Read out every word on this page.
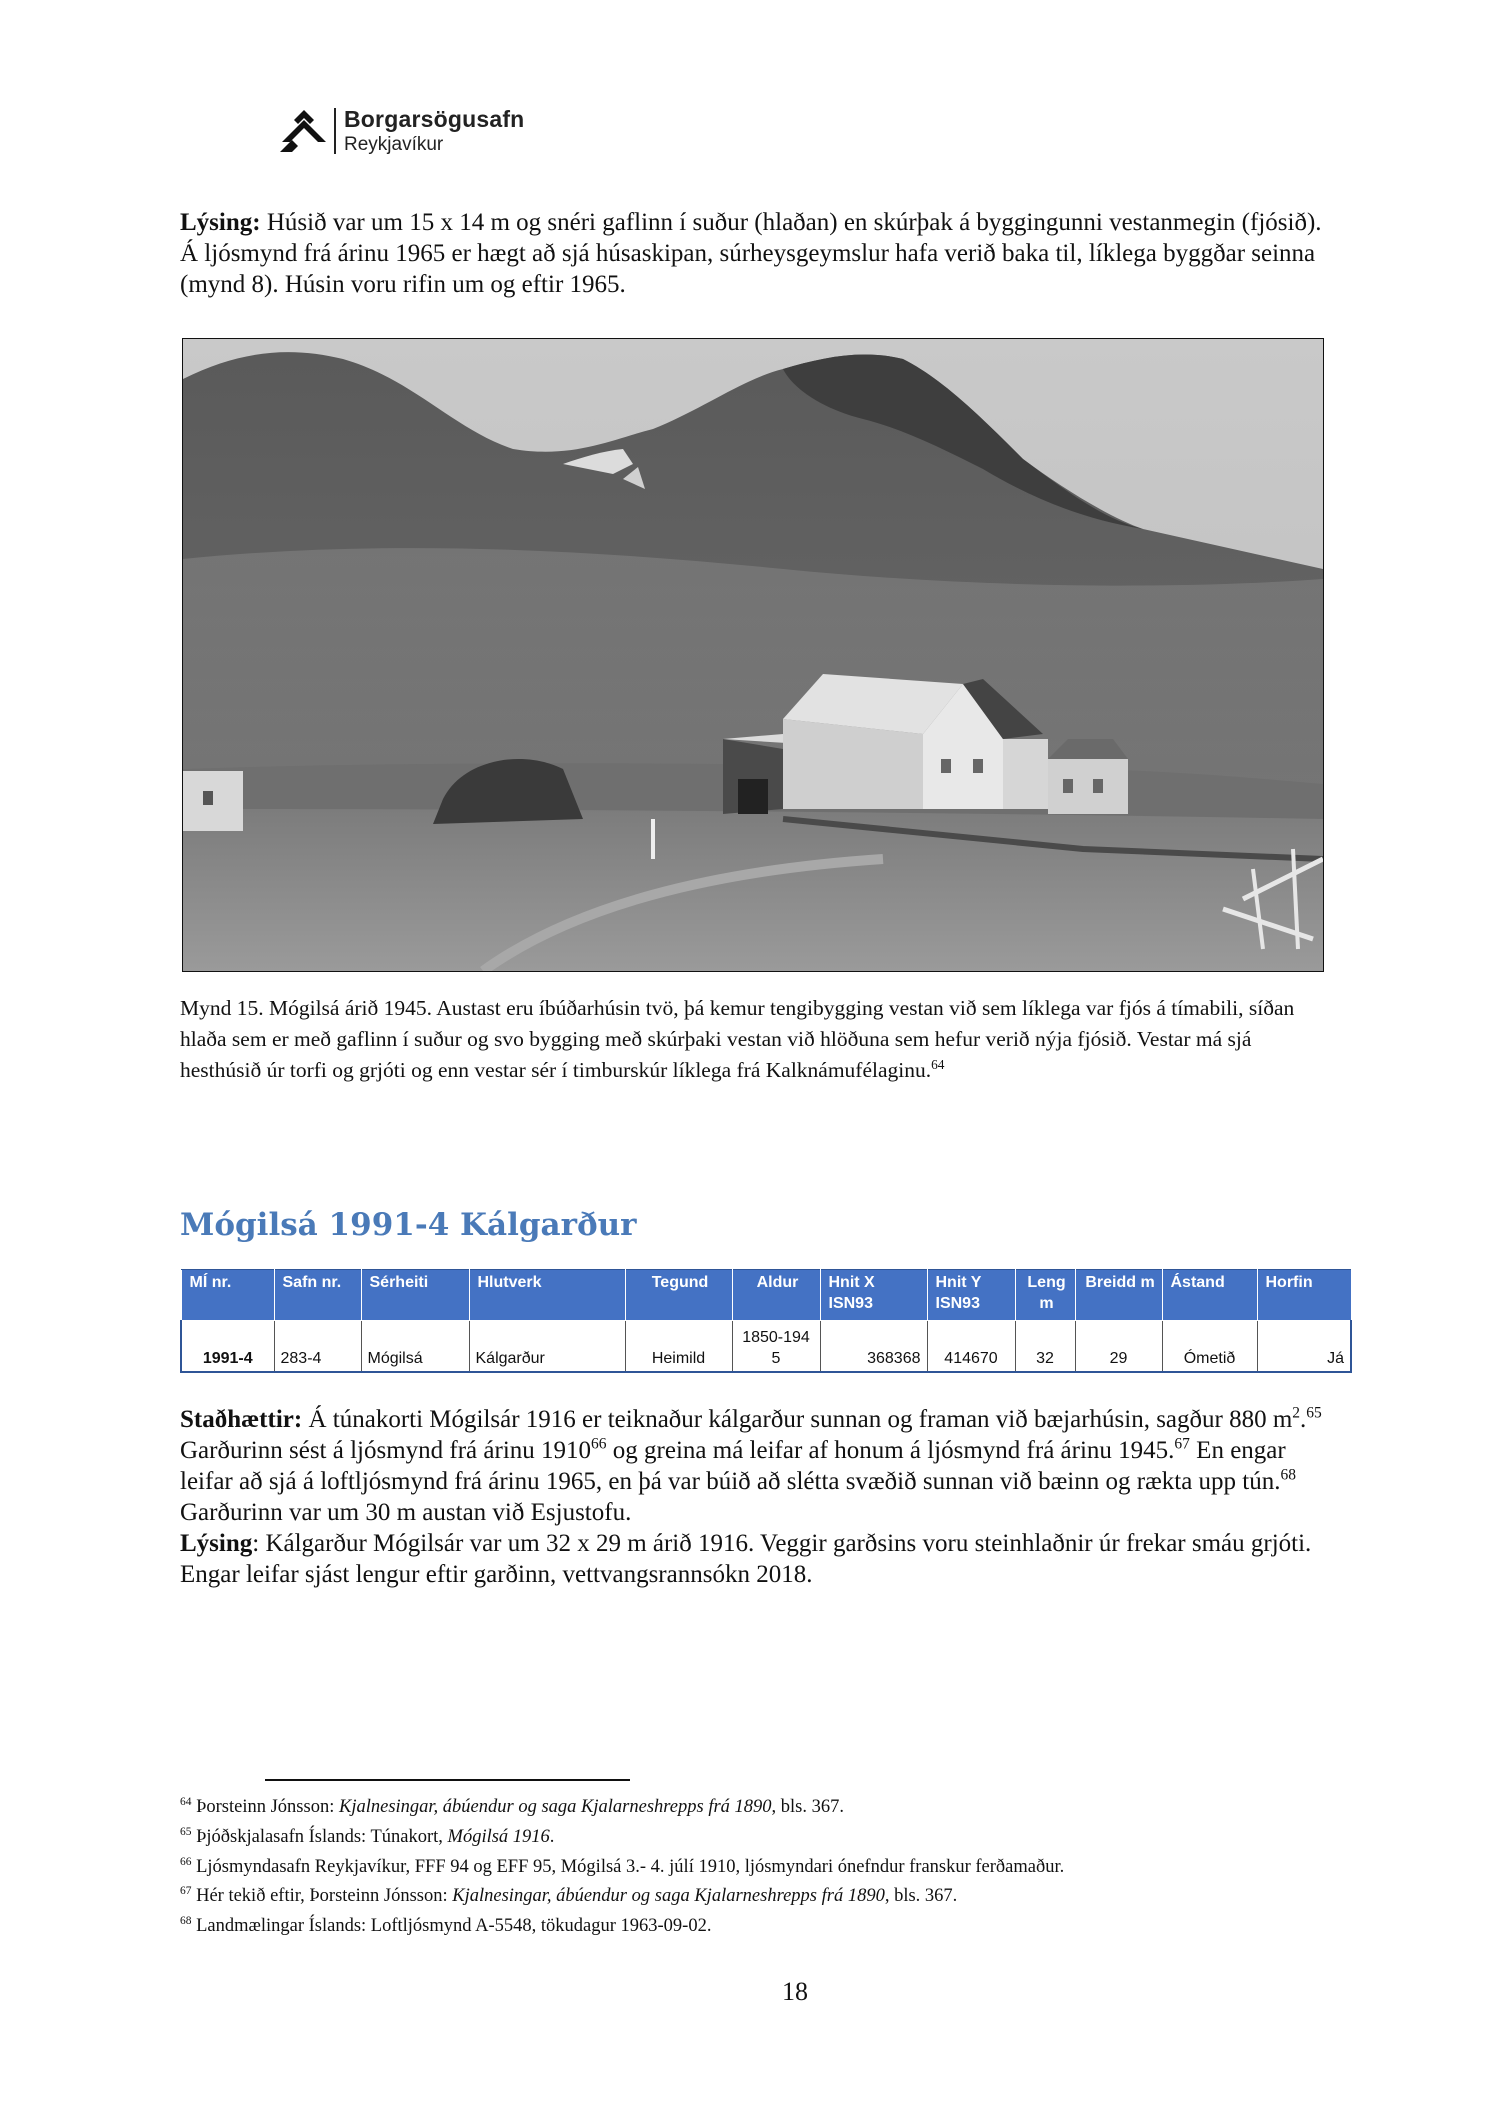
Borgarsögusafn
Reykjavíkur

Lýsing: Húsið var um 15 x 14 m og snéri gaflinn í suður (hlaðan) en skúrþak á byggingunni vestanmegin (fjósið). Á ljósmynd frá árinu 1965 er hægt að sjá húsaskipan, súrheysgeymslur hafa verið baka til, líklega byggðar seinna (mynd 8). Húsin voru rifin um og eftir 1965.

Mynd 15. Mógilsá árið 1945. Austast eru íbúðarhúsin tvö, þá kemur tengibygging vestan við sem líklega var fjós á tímabili, síðan hlaða sem er með gaflinn í suður og svo bygging með skúrþaki vestan við hlöðuna sem hefur verið nýja fjósið. Vestar má sjá hesthúsið úr torfi og grjóti og enn vestar sér í timburskúr líklega frá Kalknámufélaginu.$^{64}$

Mógilsá 1991-4 Kálgarður
MÍ nr.	Safn nr.	Sérheiti	Hlutverk	Tegund	Aldur	Hnit X ISN93	Hnit Y ISN93	Leng m	Breidd m	Ástand	Horfin
1991-4	283-4	Mógilsá	Kálgarður	Heimild	1850-1945	368368	414670	32	29	Ómetið	Já

Staðhættir: Á túnakorti Mógilsár 1916 er teiknaður kálgarður sunnan og framan við bæjarhúsin, sagður 880 $m^2.^{65}$ Garðurinn sést á ljósmynd frá árinu 1910$^{66}$ og greina má leifar af honum á ljósmynd frá árinu 1945.67 En engar leifar að sjá á loftljósmynd frá árinu 1965, en þá var búið að slétta svæðið sunnan við bæinn og rækta upp tún.$^{68}$ Garðurinn var um 30 m austan við Esjustofu.
Lýsing: Kálgarður Mógilsár var um 32 x 29 m árið 1916. Veggir garðsins voru steinhlaðnir úr frekar smáu grjóti. Engar leifar sjást lengur eftir garðinn, vettvangsrannsókn 2018.

$^{64}$ Þorsteinn Jónsson: Kjalnesingar, ábúendur og saga Kjalarneshrepps frá 1890, bls. 367.

$^{65}$ Þjóðskjalasafn Íslands: Túnakort, Mógilsá 1916.

$^{66}$ Ljósmyndasafn Reykjavíkur, FFF 94 og EFF 95, Mógilsá 3.- 4. júlí 1910, ljósmyndari ónefndur franskur ferðamaður.

$^{67}$ Hér tekið eftir, Þorsteinn Jónsson: Kjalnesingar, ábúendur og saga Kjalarneshrepps frá 1890, bls. 367.

$^{68}$ Landmælingar Íslands: Loftljósmynd A-5548, tökudagur 1963-09-02.

18
